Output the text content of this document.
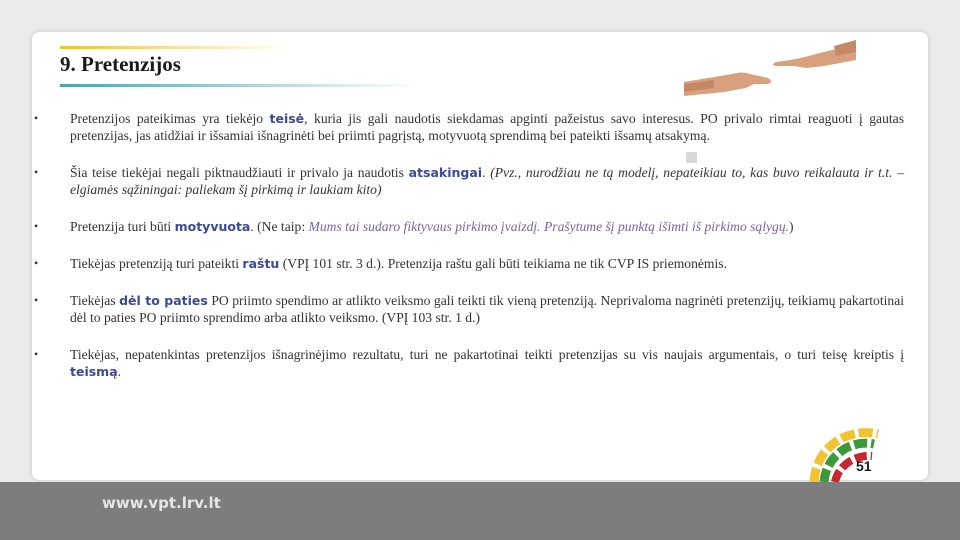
9. Pretenzijos
• Pretenzijos pateikimas yra tiekėjo teisė, kuria jis gali naudotis siekdamas apginti pažeistus savo interesus. PO privalo rimtai reaguoti į gautas pretenzijas, jas atidžiai ir išsamiai išnagrinėti bei priimti pagrįstą, motyvuotą sprendimą bei pateikti išsamų atsakymą.
• Šia teise tiekėjai negali piktnaudžiauti ir privalo ja naudotis atsakingai. (Pvz., nurodžiau ne tą modelį, nepateikiau to, kas buvo reikalauta ir t.t. – elgiamės sąžiningai: paliekam šį pirkimą ir laukiam kito)
• Pretenzija turi būti motyvuota. (Ne taip: Mums tai sudaro fiktyvaus pirkimo įvaizdį. Prašytume šį punktą išimti iš pirkimo sąlygų.)
• Tiekėjas pretenziją turi pateikti raštu (VPĮ 101 str. 3 d.). Pretenzija raštu gali būti teikiama ne tik CVP IS priemonėmis.
• Tiekėjas dėl to paties PO priimto spendimo ar atlikto veiksmo gali teikti tik vieną pretenziją. Neprivaloma nagrinėti pretenzijų, teikiamų pakartotinai dėl to paties PO priimto sprendimo arba atlikto veiksmo. (VPĮ 103 str. 1 d.)
• Tiekėjas, nepatenkintas pretenzijos išnagrinėjimo rezultatu, turi ne pakartotinai teikti pretenzijas su vis naujais argumentais, o turi teisę kreiptis į teismą.
51
www.vpt.lrv.lt
